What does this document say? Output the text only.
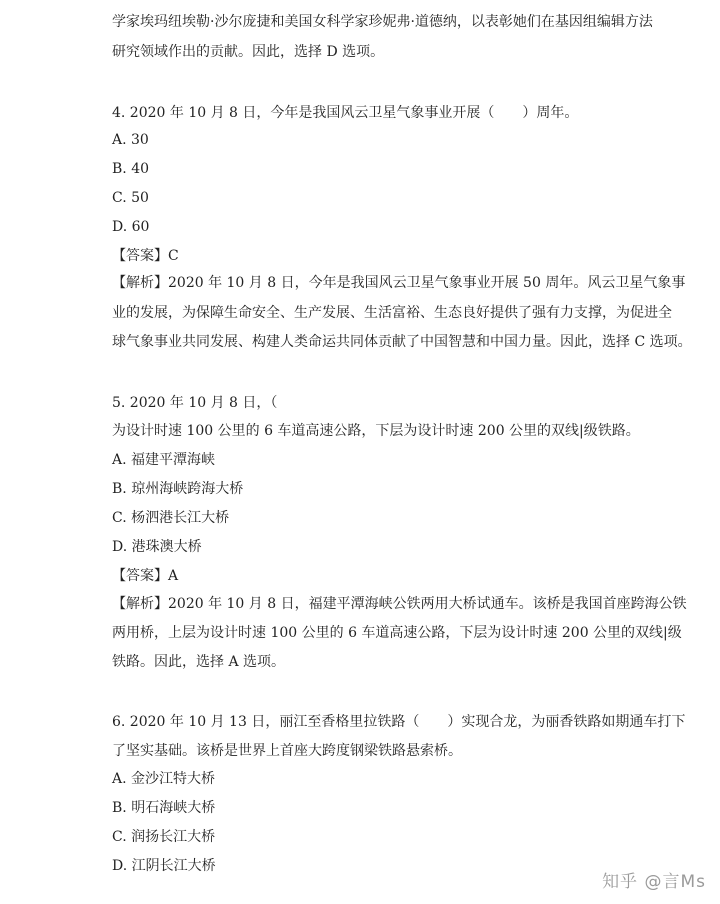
学家埃玛纽埃勒·沙尔庞捷和美国女科学家珍妮弗·道德纳，以表彰她们在基因组编辑方法
研究领域作出的贡献。因此，选择 D 选项。
4. 2020 年 10 月 8 日，今年是我国风云卫星气象事业开展（　　）周年。
A. 30
B. 40
C. 50
D. 60
【答案】C
【解析】2020 年 10 月 8 日，今年是我国风云卫星气象事业开展 50 周年。风云卫星气象事
业的发展，为保障生命安全、生产发展、生活富裕、生态良好提供了强有力支撑，为促进全
球气象事业共同发展、构建人类命运共同体贡献了中国智慧和中国力量。因此，选择 C 选项。
5. 2020 年 10 月 8 日，（
为设计时速 100 公里的 6 车道高速公路，下层为设计时速 200 公里的双线|级铁路。
A. 福建平潭海峡
B. 琼州海峡跨海大桥
C. 杨泗港长江大桥
D. 港珠澳大桥
【答案】A
【解析】2020 年 10 月 8 日，福建平潭海峡公铁两用大桥试通车。该桥是我国首座跨海公铁
两用桥，上层为设计时速 100 公里的 6 车道高速公路，下层为设计时速 200 公里的双线|级
铁路。因此，选择 A 选项。
6. 2020 年 10 月 13 日，丽江至香格里拉铁路（　　）实现合龙，为丽香铁路如期通车打下
了坚实基础。该桥是世界上首座大跨度钢梁铁路悬索桥。
A. 金沙江特大桥
B. 明石海峡大桥
C. 润扬长江大桥
D. 江阴长江大桥
知乎 @言Ms
